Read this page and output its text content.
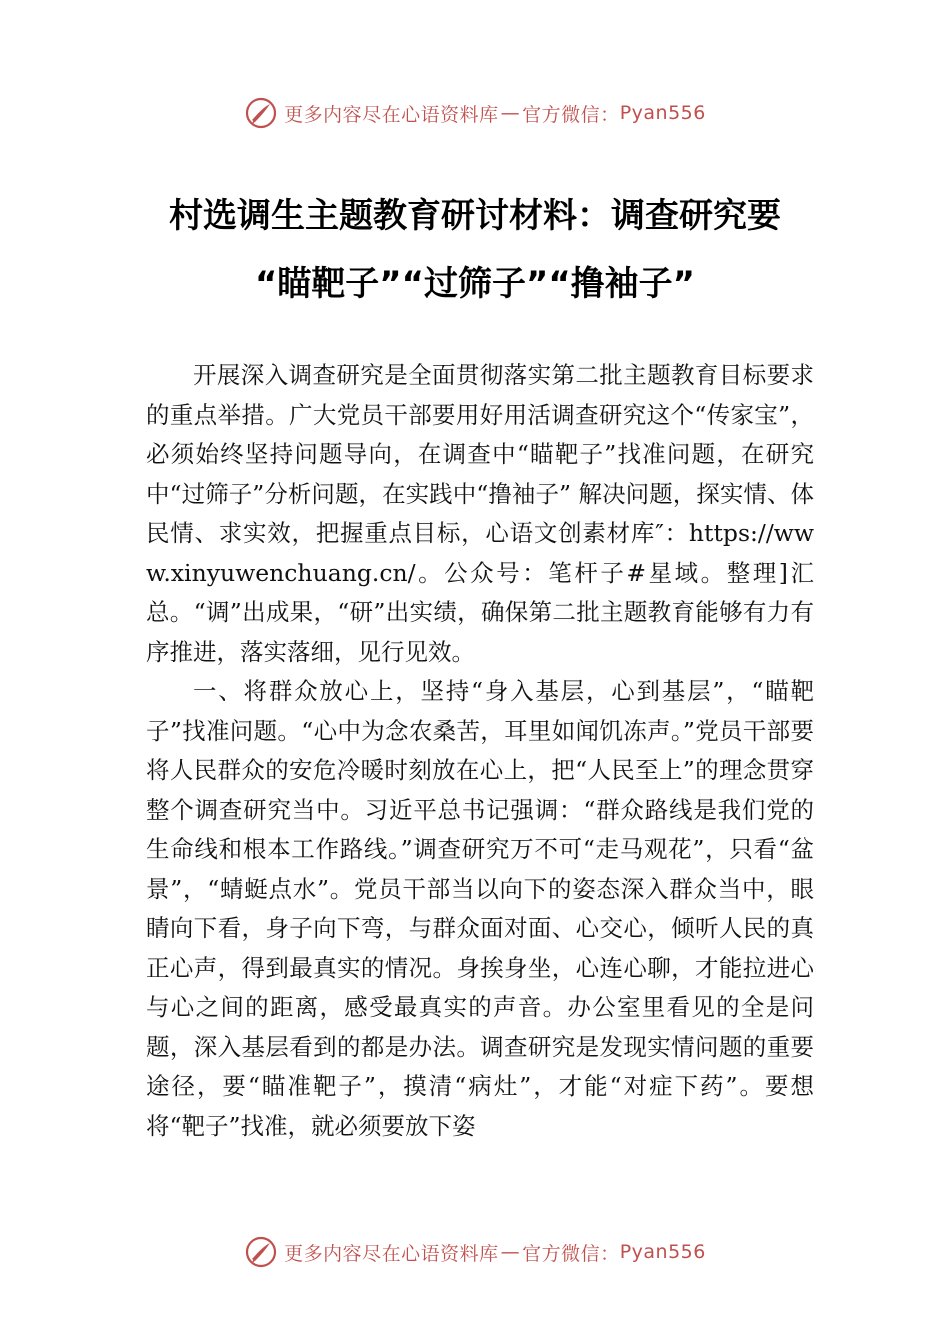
更多内容尽在心语资料库 — 官方微信： Pyan556
村选调生主题教育研讨材料：调查研究要
“瞄靶子”“过筛子”“撸袖子”

开展深入调查研究是全面贯彻落实第二批主题教育目标要求的重点举措。广大党员干部要用好用活调查研究这个“传家宝”，必须始终坚持问题导向，在调查中“瞄靶子”找准问题，在研究中“过筛子”分析问题，在实践中“撸袖子” 解决问题，探实情、体民情、求实效，把握重点目标，心语文创素材库″：https://www.xinyuwenchuang.cn/。公众号：笔杆子#星域。整理]汇总。“调”出成果，“研”出实绩，确保第二批主题教育能够有力有序推进，落实落细，见行见效。

一、将群众放心上，坚持“身入基层，心到基层”，“瞄靶子”找准问题。“心中为念农桑苦，耳里如闻饥冻声。”党员干部要将人民群众的安危冷暖时刻放在心上，把“人民至上”的理念贯穿整个调查研究当中。习近平总书记强调：“群众路线是我们党的生命线和根本工作路线。”调查研究万不可“走马观花”，只看“盆景”，“蜻蜓点水”。党员干部当以向下的姿态深入群众当中，眼睛向下看，身子向下弯，与群众面对面、心交心，倾听人民的真正心声，得到最真实的情况。身挨身坐，心连心聊，才能拉进心与心之间的距离，感受最真实的声音。办公室里看见的全是问题，深入基层看到的都是办法。调查研究是发现实情问题的重要途径，要“瞄准靶子”，摸清“病灶”，才能“对症下药”。要想将“靶子”找准，就必须要放下姿

更多内容尽在心语资料库 — 官方微信： Pyan556
